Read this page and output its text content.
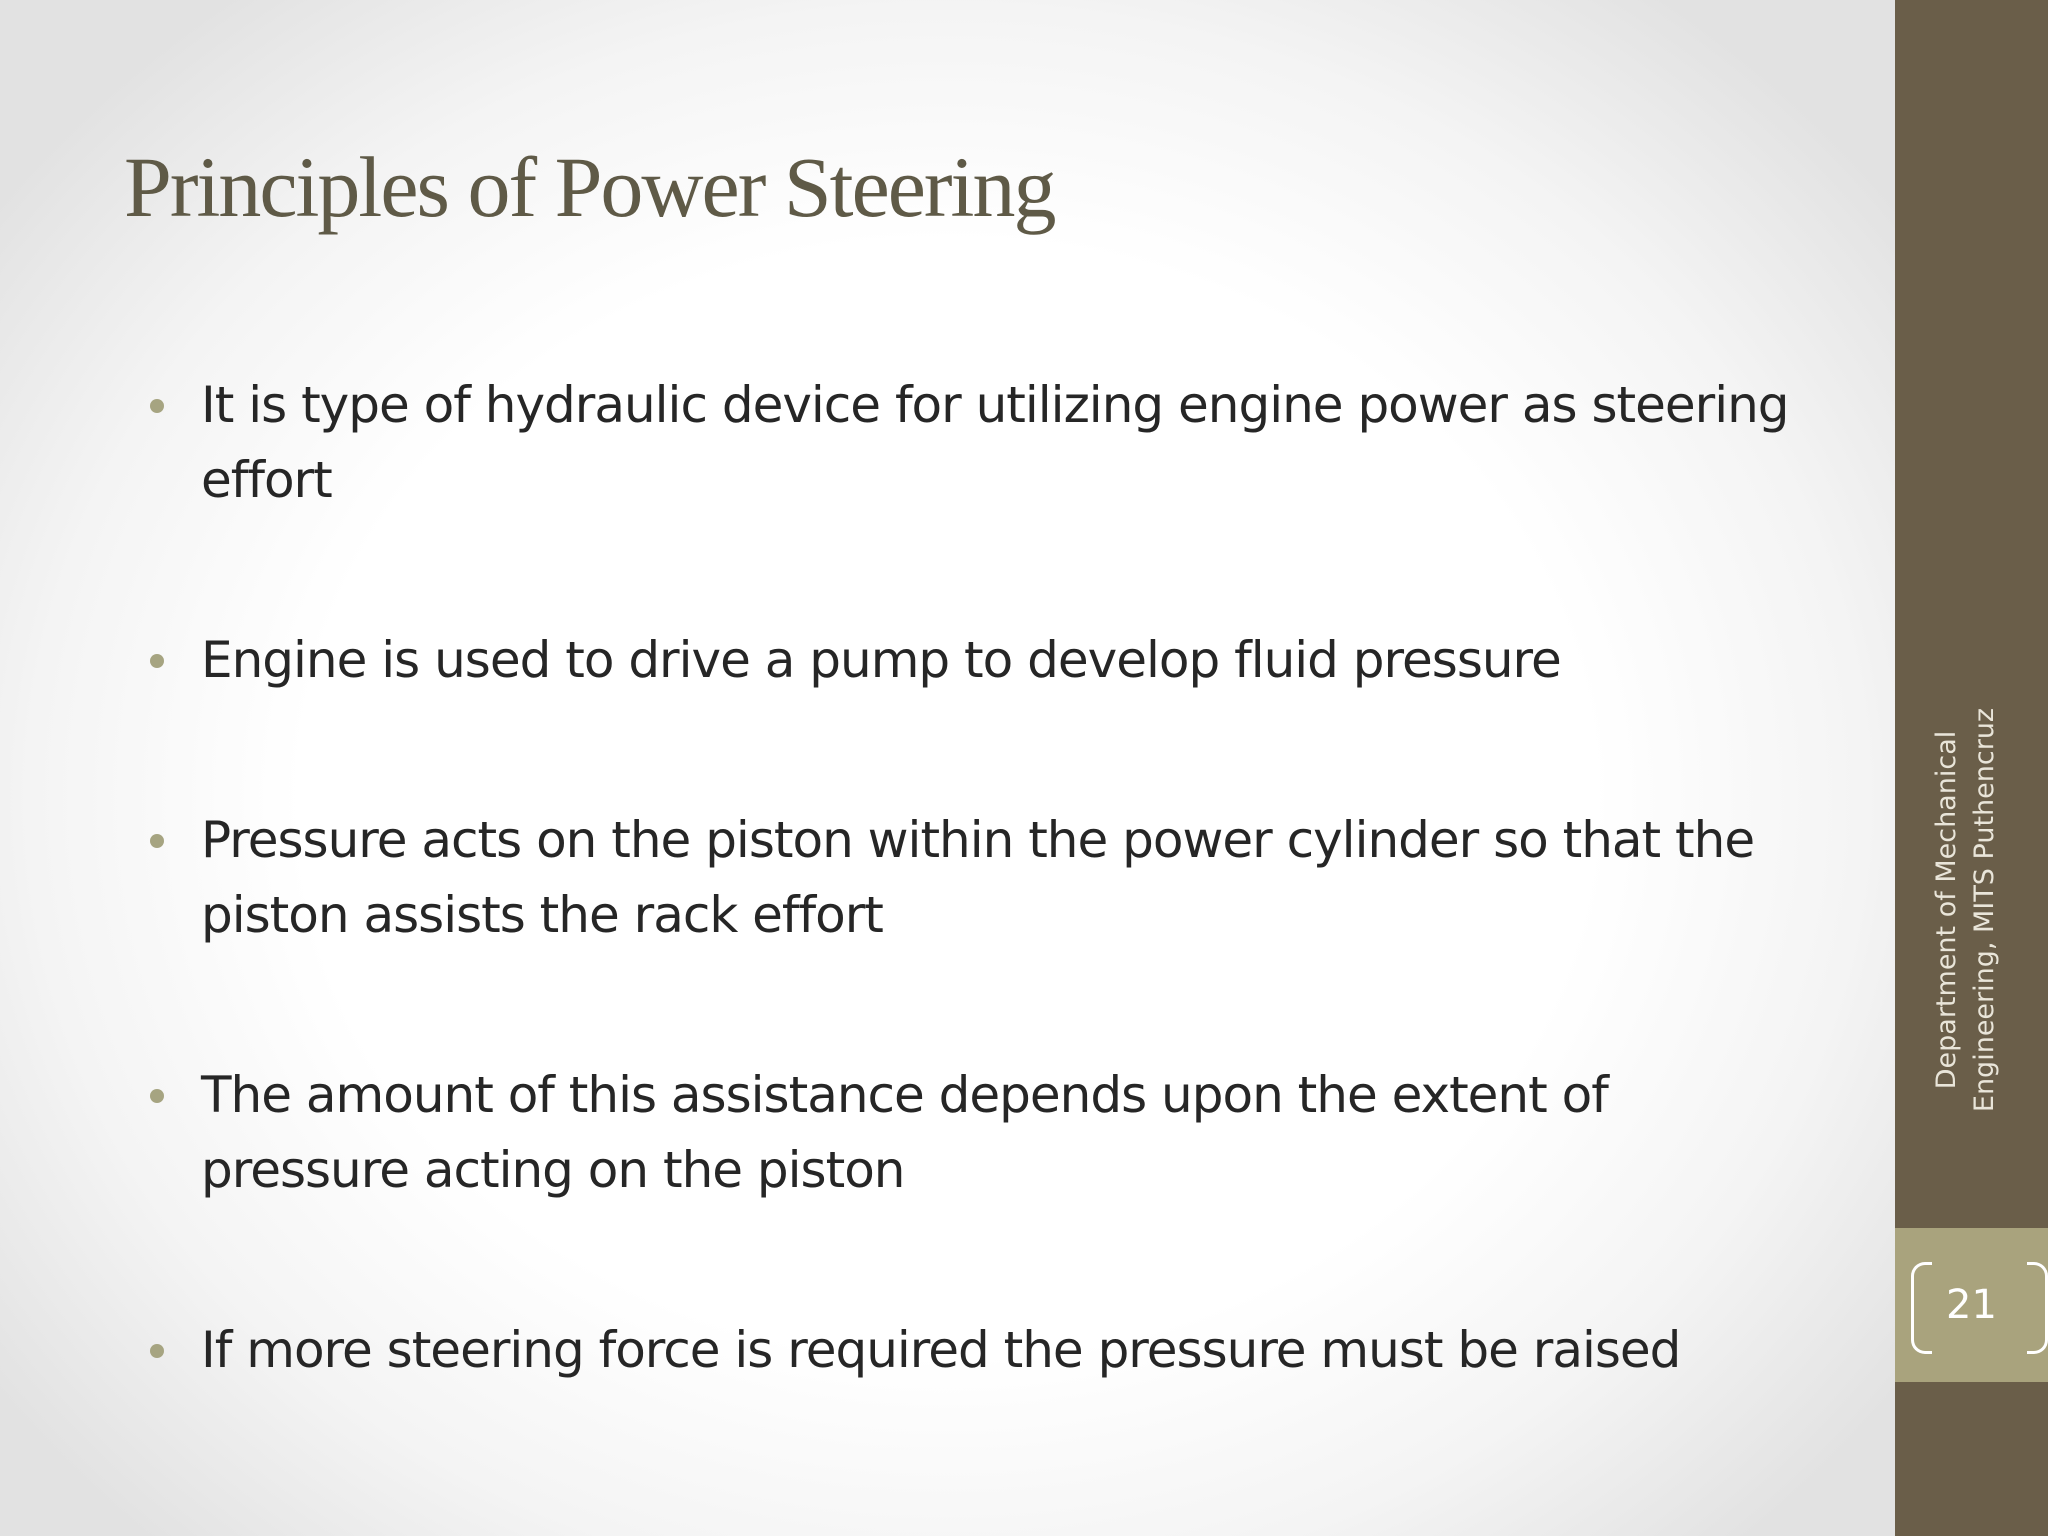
Principles of Power Steering
It is type of hydraulic device for utilizing engine power as steering effort
Engine is used to drive a pump to develop fluid pressure
Pressure acts on the piston within the power cylinder so that the piston assists the rack effort
The amount of this assistance depends upon the extent of pressure acting on the piston
If more steering force is required the pressure must be raised
Department of Mechanical Engineering, MITS Puthencruz
21
